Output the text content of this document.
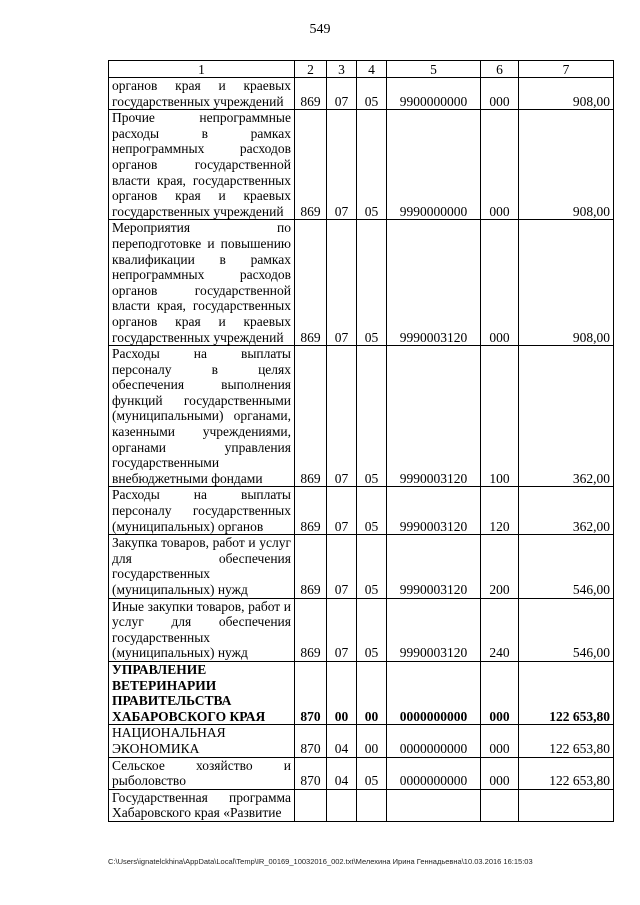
549
1	2	3	4	5	6	7
органов края и краевых государственных учреждений	869	07	05	9900000000	000	908,00
Прочие непрограммные расходы в рамках непрограммных расходов органов государственной власти края, государственных органов края и краевых государственных учреждений	869	07	05	9990000000	000	908,00
Мероприятия по переподготовке и повышению квалификации в рамках непрограммных расходов органов государственной власти края, государственных органов края и краевых государственных учреждений	869	07	05	9990003120	000	908,00
Расходы на выплаты персоналу в целях обеспечения выполнения функций государственными (муниципальными) органами, казенными учреждениями, органами управления государственными внебюджетными фондами	869	07	05	9990003120	100	362,00
Расходы на выплаты персоналу государственных (муниципальных) органов	869	07	05	9990003120	120	362,00
Закупка товаров, работ и услуг для обеспечения государственных (муниципальных) нужд	869	07	05	9990003120	200	546,00
Иные закупки товаров, работ и услуг для обеспечения государственных (муниципальных) нужд	869	07	05	9990003120	240	546,00
УПРАВЛЕНИЕ ВЕТЕРИНАРИИ ПРАВИТЕЛЬСТВА ХАБАРОВСКОГО КРАЯ	870	00	00	0000000000	000	122 653,80
НАЦИОНАЛЬНАЯ ЭКОНОМИКА	870	04	00	0000000000	000	122 653,80
Сельское хозяйство и рыболовство	870	04	05	0000000000	000	122 653,80
Государственная программа Хабаровского края «Развитие						
C:\Users\ignatelckhina\AppData\Local\Temp\IR_00169_10032016_002.txt\Мелехина Ирина Геннадьевна\10.03.2016 16:15:03
